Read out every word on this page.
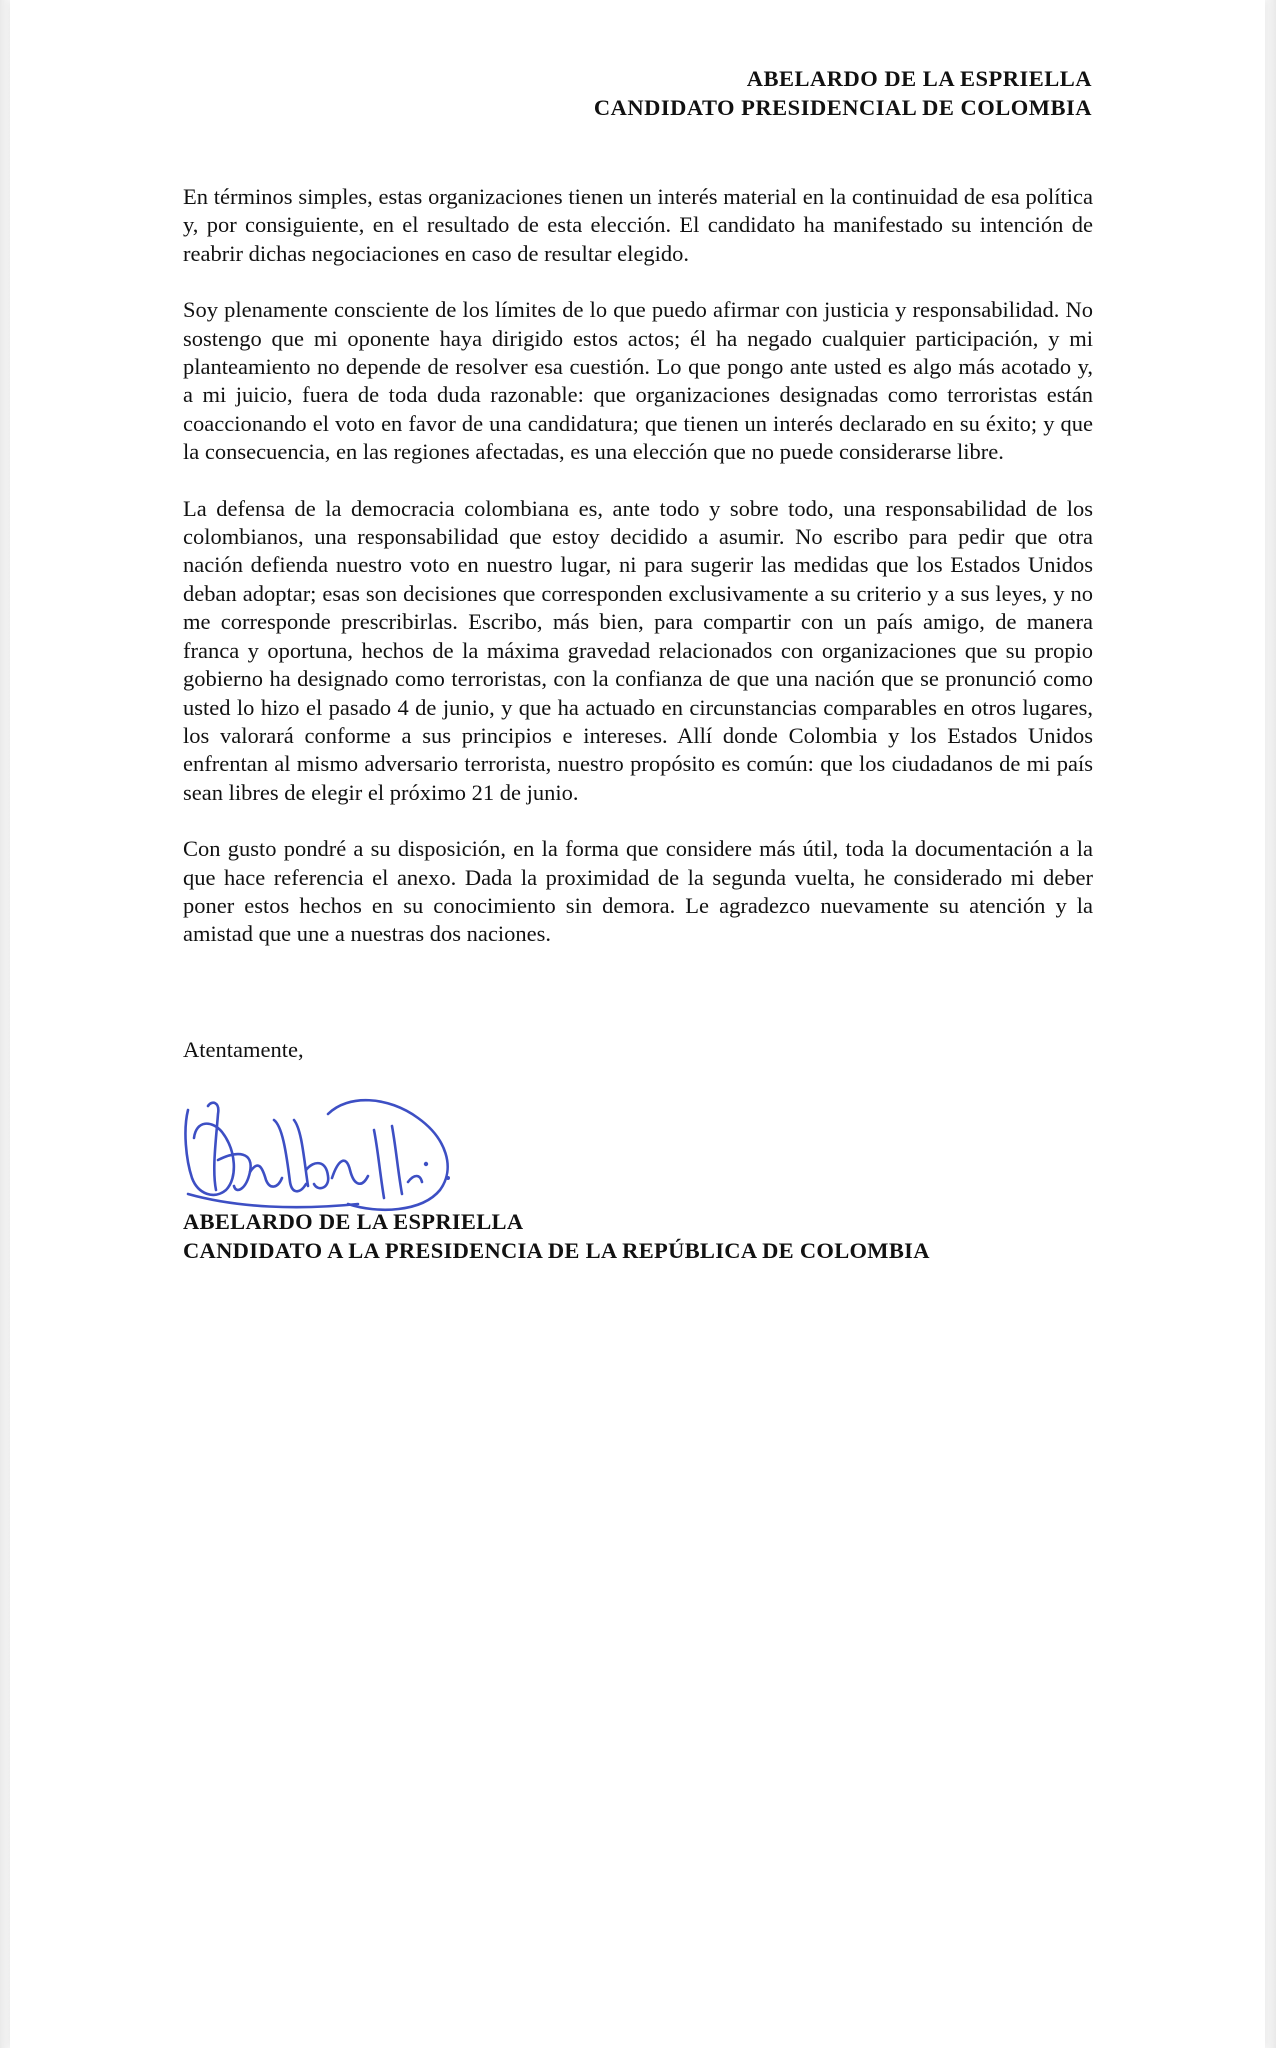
ABELARDO DE LA ESPRIELLA
CANDIDATO PRESIDENCIAL DE COLOMBIA

En términos simples, estas organizaciones tienen un interés material en la continuidad de esa política y, por consiguiente, en el resultado de esta elección. El candidato ha manifestado su intención de reabrir dichas negociaciones en caso de resultar elegido.

Soy plenamente consciente de los límites de lo que puedo afirmar con justicia y responsabilidad. No sostengo que mi oponente haya dirigido estos actos; él ha negado cualquier participación, y mi planteamiento no depende de resolver esa cuestión. Lo que pongo ante usted es algo más acotado y, a mi juicio, fuera de toda duda razonable: que organizaciones designadas como terroristas están coaccionando el voto en favor de una candidatura; que tienen un interés declarado en su éxito; y que la consecuencia, en las regiones afectadas, es una elección que no puede considerarse libre.

La defensa de la democracia colombiana es, ante todo y sobre todo, una responsabilidad de los colombianos, una responsabilidad que estoy decidido a asumir. No escribo para pedir que otra nación defienda nuestro voto en nuestro lugar, ni para sugerir las medidas que los Estados Unidos deban adoptar; esas son decisiones que corresponden exclusivamente a su criterio y a sus leyes, y no me corresponde prescribirlas. Escribo, más bien, para compartir con un país amigo, de manera franca y oportuna, hechos de la máxima gravedad relacionados con organizaciones que su propio gobierno ha designado como terroristas, con la confianza de que una nación que se pronunció como usted lo hizo el pasado 4 de junio, y que ha actuado en circunstancias comparables en otros lugares, los valorará conforme a sus principios e intereses. Allí donde Colombia y los Estados Unidos enfrentan al mismo adversario terrorista, nuestro propósito es común: que los ciudadanos de mi país sean libres de elegir el próximo 21 de junio.

Con gusto pondré a su disposición, en la forma que considere más útil, toda la documentación a la que hace referencia el anexo. Dada la proximidad de la segunda vuelta, he considerado mi deber poner estos hechos en su conocimiento sin demora. Le agradezco nuevamente su atención y la amistad que une a nuestras dos naciones.

Atentamente,
ABELARDO DE LA ESPRIELLA
CANDIDATO A LA PRESIDENCIA DE LA REPÚBLICA DE COLOMBIA
